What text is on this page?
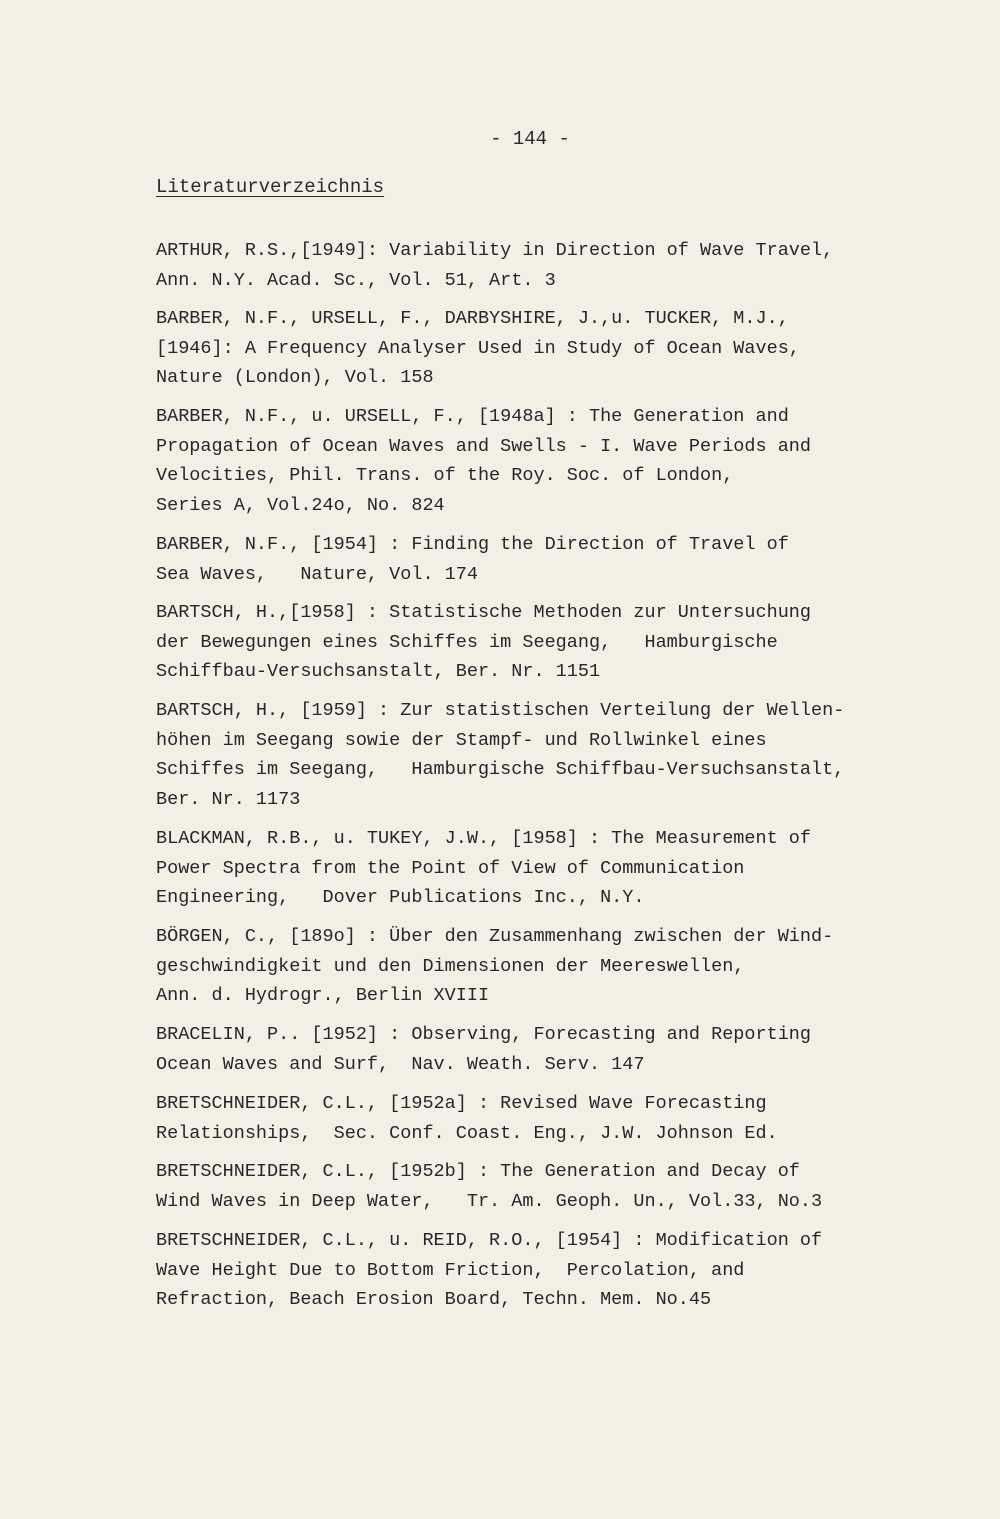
- 144 -
Literaturverzeichnis
ARTHUR, R.S.,[1949]: Variability in Direction of Wave Travel,
Ann. N.Y. Acad. Sc., Vol. 51, Art. 3
BARBER, N.F., URSELL, F., DARBYSHIRE, J.,u. TUCKER, M.J.,
[1946]: A Frequency Analyser Used in Study of Ocean Waves,
Nature (London), Vol. 158
BARBER, N.F., u. URSELL, F., [1948a] : The Generation and
Propagation of Ocean Waves and Swells - I. Wave Periods and
Velocities, Phil. Trans. of the Roy. Soc. of London,
Series A, Vol.24o, No. 824
BARBER, N.F., [1954] : Finding the Direction of Travel of
Sea Waves,   Nature, Vol. 174
BARTSCH, H.,[1958] : Statistische Methoden zur Untersuchung
der Bewegungen eines Schiffes im Seegang,   Hamburgische
Schiffbau-Versuchsanstalt, Ber. Nr. 1151
BARTSCH, H., [1959] : Zur statistischen Verteilung der Wellen-
höhen im Seegang sowie der Stampf- und Rollwinkel eines
Schiffes im Seegang,   Hamburgische Schiffbau-Versuchsanstalt,
Ber. Nr. 1173
BLACKMAN, R.B., u. TUKEY, J.W., [1958] : The Measurement of
Power Spectra from the Point of View of Communication
Engineering,   Dover Publications Inc., N.Y.
BÖRGEN, C., [189o] : Über den Zusammenhang zwischen der Wind-
geschwindigkeit und den Dimensionen der Meereswellen,
Ann. d. Hydrogr., Berlin XVIII
BRACELIN, P.. [1952] : Observing, Forecasting and Reporting
Ocean Waves and Surf,  Nav. Weath. Serv. 147
BRETSCHNEIDER, C.L., [1952a] : Revised Wave Forecasting
Relationships,  Sec. Conf. Coast. Eng., J.W. Johnson Ed.
BRETSCHNEIDER, C.L., [1952b] : The Generation and Decay of
Wind Waves in Deep Water,   Tr. Am. Geoph. Un., Vol.33, No.3
BRETSCHNEIDER, C.L., u. REID, R.O., [1954] : Modification of
Wave Height Due to Bottom Friction,  Percolation, and
Refraction, Beach Erosion Board, Techn. Mem. No.45
